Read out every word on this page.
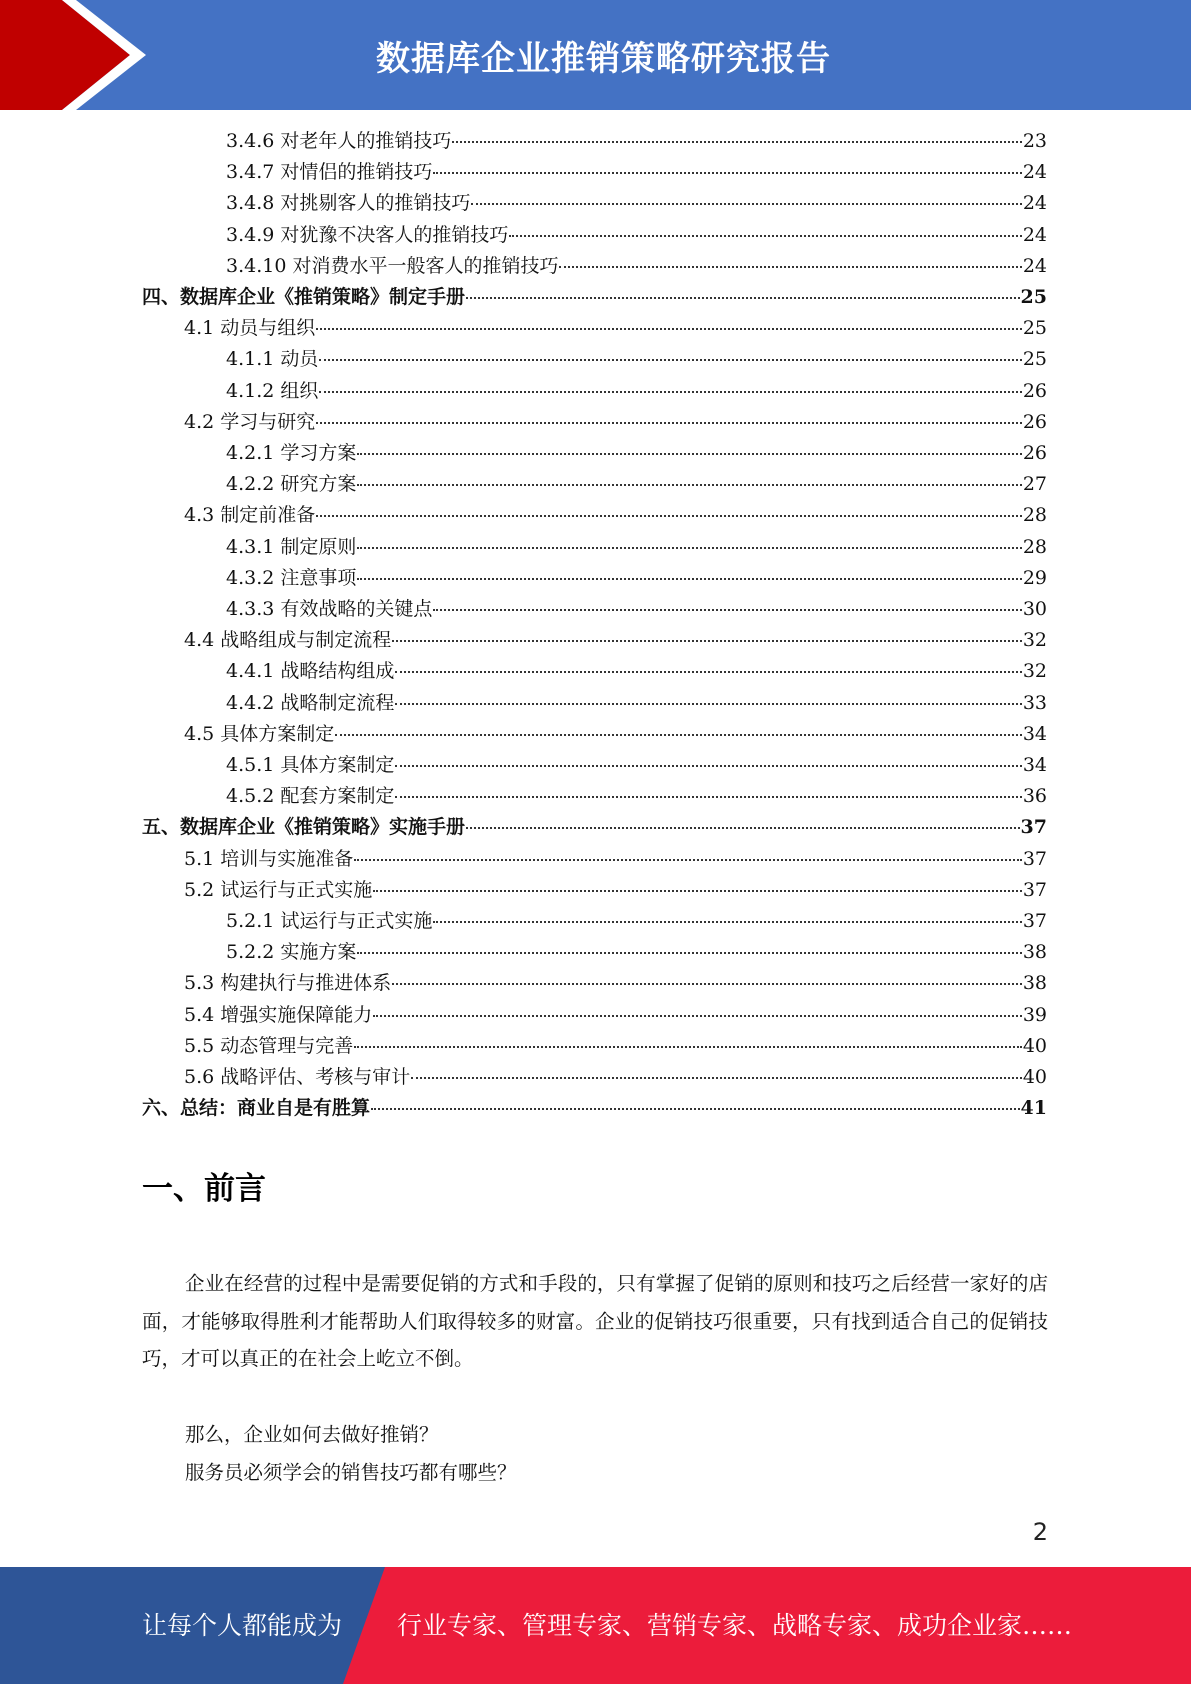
数据库企业推销策略研究报告
3.4.6 对老年人的推销技巧	23
3.4.7 对情侣的推销技巧	24
3.4.8 对挑剔客人的推销技巧	24
3.4.9 对犹豫不决客人的推销技巧	24
3.4.10 对消费水平一般客人的推销技巧	24
四、数据库企业《推销策略》制定手册	25
4.1 动员与组织	25
4.1.1 动员	25
4.1.2 组织	26
4.2 学习与研究	26
4.2.1 学习方案	26
4.2.2 研究方案	27
4.3 制定前准备	28
4.3.1 制定原则	28
4.3.2 注意事项	29
4.3.3 有效战略的关键点	30
4.4 战略组成与制定流程	32
4.4.1 战略结构组成	32
4.4.2 战略制定流程	33
4.5 具体方案制定	34
4.5.1 具体方案制定	34
4.5.2 配套方案制定	36
五、数据库企业《推销策略》实施手册	37
5.1 培训与实施准备	37
5.2 试运行与正式实施	37
5.2.1 试运行与正式实施	37
5.2.2 实施方案	38
5.3 构建执行与推进体系	38
5.4 增强实施保障能力	39
5.5 动态管理与完善	40
5.6 战略评估、考核与审计	40
六、总结：商业自是有胜算	41
一、前言

企业在经营的过程中是需要促销的方式和手段的，只有掌握了促销的原则和技巧之后经营一家好的店面，才能够取得胜利才能帮助人们取得较多的财富。企业的促销技巧很重要，只有找到适合自己的促销技巧，才可以真正的在社会上屹立不倒。

那么，企业如何去做好推销？
服务员必须学会的销售技巧都有哪些？
2
让每个人都能成为 行业专家、管理专家、营销专家、战略专家、成功企业家……
